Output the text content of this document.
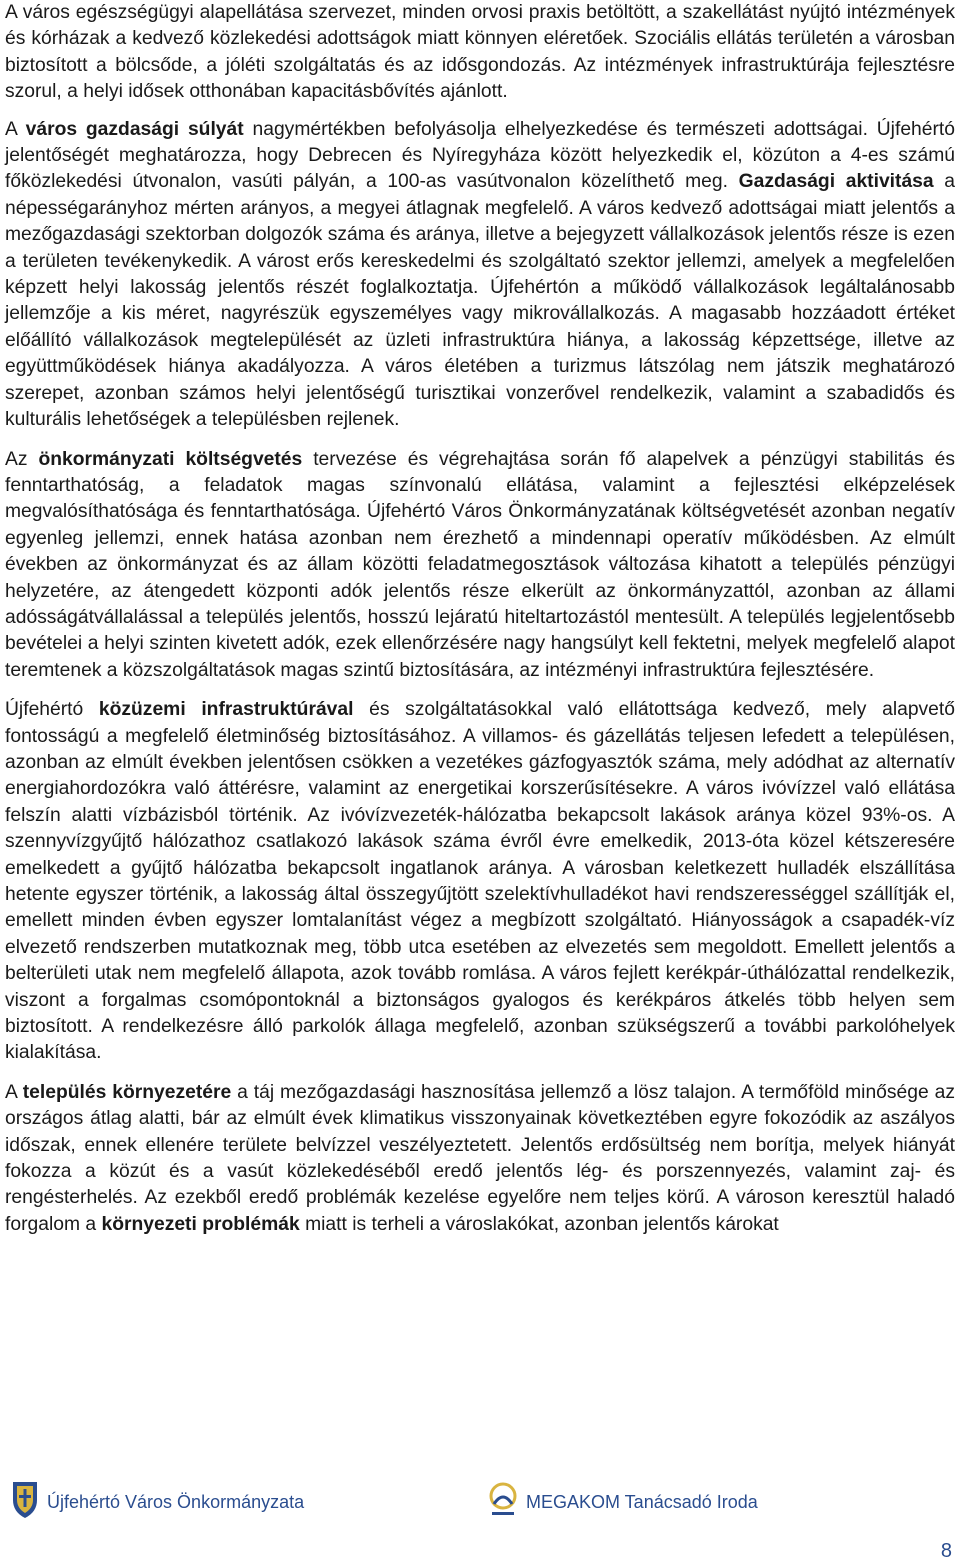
A város egészségügyi alapellátása szervezet, minden orvosi praxis betöltött, a szakellátást nyújtó intézmények és kórházak a kedvező közlekedési adottságok miatt könnyen eléretőek. Szociális ellátás területén a városban biztosított a bölcsőde, a jóléti szolgáltatás és az idősgondozás. Az intézmények infrastruktúrája fejlesztésre szorul, a helyi idősek otthonában kapacitásbővítés ajánlott.

A város gazdasági súlyát nagymértékben befolyásolja elhelyezkedése és természeti adottságai. Újfehértó jelentőségét meghatározza, hogy Debrecen és Nyíregyháza között helyezkedik el, közúton a 4-es számú főközlekedési útvonalon, vasúti pályán, a 100-as vasútvonalon közelíthető meg. Gazdasági aktivitása a népességarányhoz mérten arányos, a megyei átlagnak megfelelő. A város kedvező adottságai miatt jelentős a mezőgazdasági szektorban dolgozók száma és aránya, illetve a bejegyzett vállalkozások jelentős része is ezen a területen tevékenykedik. A várost erős kereskedelmi és szolgáltató szektor jellemzi, amelyek a megfelelően képzett helyi lakosság jelentős részét foglalkoztatja. Újfehértón a működő vállalkozások legáltalánosabb jellemzője a kis méret, nagyrészük egyszemélyes vagy mikrovállalkozás. A magasabb hozzáadott értéket előállító vállalkozások megtelepülését az üzleti infrastruktúra hiánya, a lakosság képzettsége, illetve az együttműködések hiánya akadályozza. A város életében a turizmus látszólag nem játszik meghatározó szerepet, azonban számos helyi jelentőségű turisztikai vonzerővel rendelkezik, valamint a szabadidős és kulturális lehetőségek a településben rejlenek.

Az önkormányzati költségvetés tervezése és végrehajtása során fő alapelvek a pénzügyi stabilitás és fenntarthatóság, a feladatok magas színvonalú ellátása, valamint a fejlesztési elképzelések megvalósíthatósága és fenntarthatósága. Újfehértó Város Önkormányzatának költségvetését azonban negatív egyenleg jellemzi, ennek hatása azonban nem érezhető a mindennapi operatív működésben. Az elmúlt években az önkormányzat és az állam közötti feladatmegosztások változása kihatott a település pénzügyi helyzetére, az átengedett központi adók jelentős része elkerült az önkormányzattól, azonban az állami adósságátvállalással a település jelentős, hosszú lejáratú hiteltartozástól mentesült. A település legjelentősebb bevételei a helyi szinten kivetett adók, ezek ellenőrzésére nagy hangsúlyt kell fektetni, melyek megfelelő alapot teremtenek a közszolgáltatások magas szintű biztosítására, az intézményi infrastruktúra fejlesztésére.

Újfehértó közüzemi infrastruktúrával és szolgáltatásokkal való ellátottsága kedvező, mely alapvető fontosságú a megfelelő életminőség biztosításához. A villamos- és gázellátás teljesen lefedett a településen, azonban az elmúlt években jelentősen csökken a vezetékes gázfogyasztók száma, mely adódhat az alternatív energiahordozókra való áttérésre, valamint az energetikai korszerűsítésekre. A város ivóvízzel való ellátása felszín alatti vízbázisból történik. Az ivóvízvezeték-hálózatba bekapcsolt lakások aránya közel 93%-os. A szennyvízgyűjtő hálózathoz csatlakozó lakások száma évről évre emelkedik, 2013-óta közel kétszeresére emelkedett a gyűjtő hálózatba bekapcsolt ingatlanok aránya. A városban keletkezett hulladék elszállítása hetente egyszer történik, a lakosság által összegyűjtött szelektívhulladékot havi rendszerességgel szállítják el, emellett minden évben egyszer lomtalanítást végez a megbízott szolgáltató. Hiányosságok a csapadék-víz elvezető rendszerben mutatkoznak meg, több utca esetében az elvezetés sem megoldott. Emellett jelentős a belterületi utak nem megfelelő állapota, azok tovább romlása. A város fejlett kerékpár-úthálózattal rendelkezik, viszont a forgalmas csomópontoknál a biztonságos gyalogos és kerékpáros átkelés több helyen sem biztosított. A rendelkezésre álló parkolók állaga megfelelő, azonban szükségszerű a további parkolóhelyek kialakítása.

A település környezetére a táj mezőgazdasági hasznosítása jellemző a lösz talajon. A termőföld minősége az országos átlag alatti, bár az elmúlt évek klimatikus visszonyainak következtében egyre fokozódik az aszályos időszak, ennek ellenére területe belvízzel veszélyeztetett. Jelentős erdősültség nem borítja, melyek hiányát fokozza a közút és a vasút közlekedéséből eredő jelentős lég- és porszennyezés, valamint zaj- és rengésterhelés. Az ezekből eredő problémák kezelése egyelőre nem teljes körű. A városon keresztül haladó forgalom a környezeti problémák miatt is terheli a városlakókat, azonban jelentős károkat

Újfehértó Város Önkormányzata	MEGAKOM Tanácsadó Iroda
8
